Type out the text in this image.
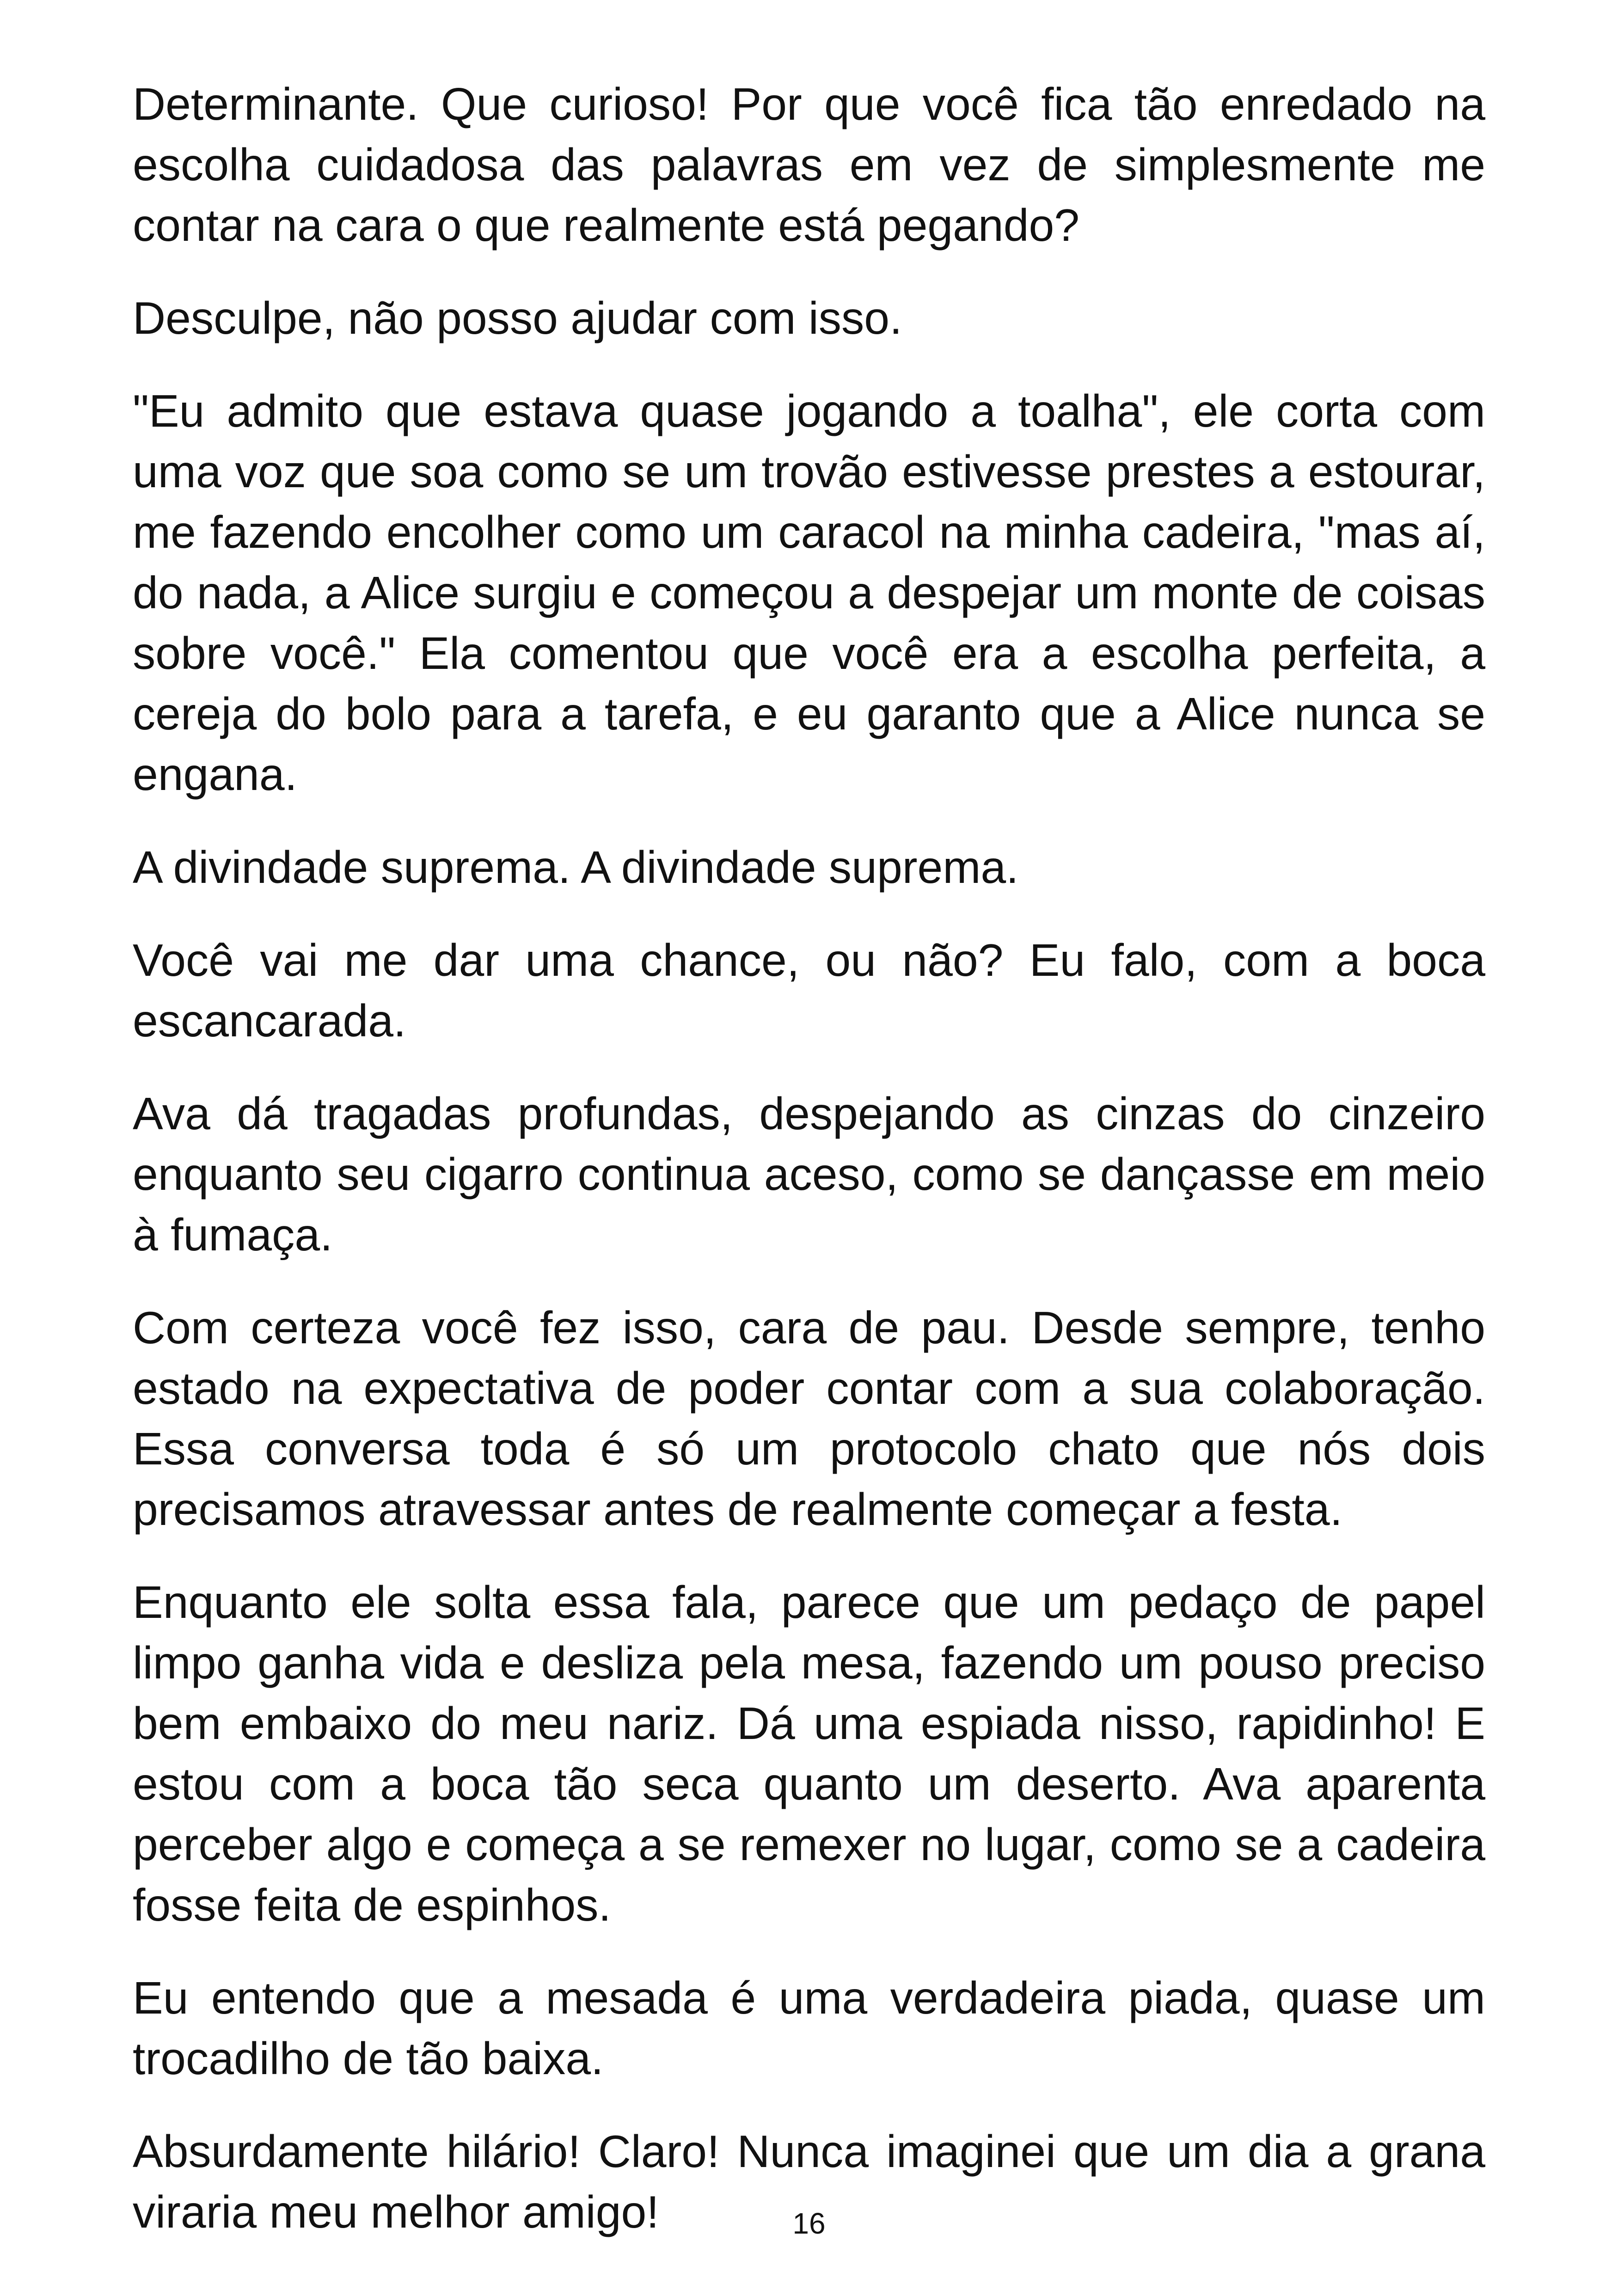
Determinante. Que curioso! Por que você fica tão enredado na escolha cuidadosa das palavras em vez de simplesmente me contar na cara o que realmente está pegando?

Desculpe, não posso ajudar com isso.

"Eu admito que estava quase jogando a toalha", ele corta com uma voz que soa como se um trovão estivesse prestes a estourar, me fazendo encolher como um caracol na minha cadeira, "mas aí, do nada, a Alice surgiu e começou a despejar um monte de coisas sobre você." Ela comentou que você era a escolha perfeita, a cereja do bolo para a tarefa, e eu garanto que a Alice nunca se engana.

A divindade suprema. A divindade suprema.

Você vai me dar uma chance, ou não? Eu falo, com a boca escancarada.

Ava dá tragadas profundas, despejando as cinzas do cinzeiro enquanto seu cigarro continua aceso, como se dançasse em meio à fumaça.

Com certeza você fez isso, cara de pau. Desde sempre, tenho estado na expectativa de poder contar com a sua colaboração. Essa conversa toda é só um protocolo chato que nós dois precisamos atravessar antes de realmente começar a festa.

Enquanto ele solta essa fala, parece que um pedaço de papel limpo ganha vida e desliza pela mesa, fazendo um pouso preciso bem embaixo do meu nariz. Dá uma espiada nisso, rapidinho! E estou com a boca tão seca quanto um deserto. Ava aparenta perceber algo e começa a se remexer no lugar, como se a cadeira fosse feita de espinhos.

Eu entendo que a mesada é uma verdadeira piada, quase um trocadilho de tão baixa.

Absurdamente hilário! Claro! Nunca imaginei que um dia a grana viraria meu melhor amigo!	16
